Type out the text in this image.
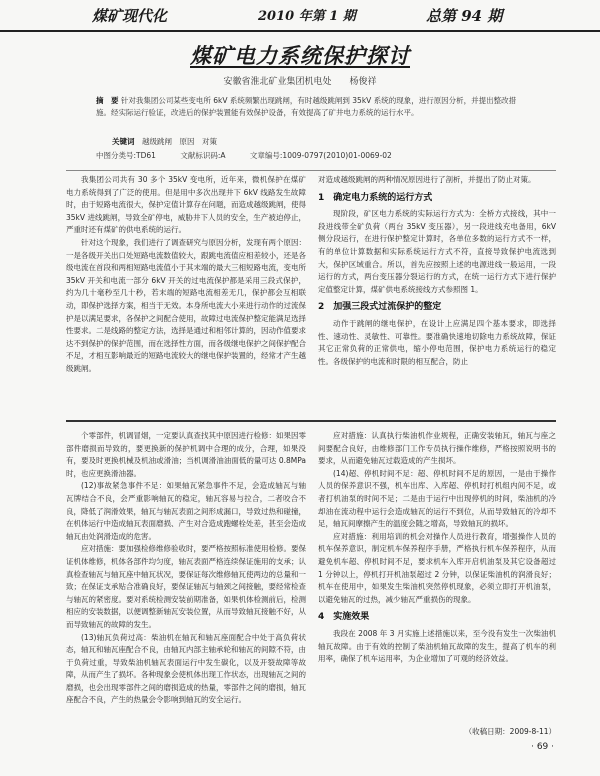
煤矿现代化	2010 年第 1 期	总第 94 期
煤矿电力系统保护探讨
安徽省淮北矿业集团机电处　　杨俊祥
摘　要 针对我集团公司某些变电所 6kV 系统频繁出现跳闸，有时越级跳闸到 35kV 系统的现象，进行原因分析，并提出整改措施。经实际运行验证，改进后的保护装置能有效保护设备，有效提高了矿井电力系统的运行水平。
关键词　 越级跳闸　原因　对策
中图分类号:TD61	文献标识码:A	文章编号:1009-0797(2010)01-0069-02

我集团公司共有 30 多个 35kV 变电所，近年来，微机保护在煤矿电力系统得到了广泛的使用。但是用中多次出现井下 6kV 线路发生故障时，由于短路电流很大，保护定值计算存在问题，而造成越级跳闸，使得 35kV 进线跳闸，导致全矿停电，威胁井下人员的安全，生产被迫停止，严重时还有煤矿的供电系统的运行。

针对这个现象，我们进行了调查研究与原因分析，发现有两个原因：一是各级开关出口处短路电流数值较大，跟跳电流值应相差较小，还是各级电流在首段和两相短路电流值小于其末端的最大三相短路电流，变电所 35kV 开关和电流一部分 6kV 开关的过电流保护都是采用三段式保护，约为几十毫秒至几十秒，若末端的短路电流相差无几，保护都会互相联动，即保护选择方案，相当于无效。本身所电流大小来进行动作的过流保护是以满足要求，各保护之间配合使用，故障过电流保护整定能满足选择性要求。二是线路的整定方法，选择是通过和相邻计算的，因动作值要求达不到保护的保护范围，而在选择性方面，而各级继电保护之间保护配合不足，才相互影响最近的短路电流较大的继电保护装置的，经常才产生越级跳闸。

对造成越级跳闸的两种情况原因进行了剖析，并提出了防止对策。

1　确定电力系统的运行方式

现阶段，矿区电力系统的实际运行方式为：全桥方式接线，其中一段进线带全矿负荷（两台 35kV 变压器），另一段进线充电备用，6kV 侧分段运行，在进行保护整定计算时，各单位多数的运行方式不一样，有的单位计算数据和实际系统运行方式不符，直接导致保护电流选到大，保护区域重合。所以，首先应按照上述的电源进线一般运用，一段运行的方式，两台变压器分裂运行的方式，在统一运行方式下进行保护定值整定计算，煤矿供电系统接线方式参照图 1。

2　加强三段式过流保护的整定

动作于跳闸的继电保护，在设计上应满足四个基本要求，即选择性、速动性、灵敏性、可靠性。要准确快速地切除电力系统故障，保证其它正常负荷的正常供电，缩小停电范围，保护电力系统运行的稳定性。各级保护的电流和时限的相互配合，防止

个零部件，机调冒烟，一定要认真查找其中原因进行检修：如果因零部件磨损而导致的，要更换新的保护机调中合理的成分，合理，如果没有，要及时更换机械及机油或滑油；当机调滑油油面低的量可达 0.8MPa 时，也应更换滑油器。

(12)事故紧急事件不足：如果轴瓦紧急事件不足，会造成轴瓦与轴瓦牌结合不良，会严重影响轴瓦的稳定，轴瓦容易与拉合，二者咬合不良，降低了润滑效果，轴瓦与轴瓦表面之间形成漏口，导致过热和碰撞，在机体运行中造成轴瓦表面磨损、产生对合造成跑螺栓处差，甚至会造成轴瓦由处润滑造成的危害。

应对措施：要加强检修维修验收时，要严格按照标准使用检修。要保证机体维修，机体各部件均匀度，轴瓦表面严格连续保证施用的支承；认真检查轴瓦与轴瓦座中轴瓦状况，要保证每次维修轴瓦使两边的总量和一致；在保证支承贴合准确良好，要保证轴瓦与轴颈之间接触，要经常检查与轴瓦的紧密度。要对系统检测安装前期准备，如果机体检测前后，检测相应的安装数据，以便调整新轴瓦安装位置，从而导致轴瓦接触不好，从而导致轴瓦的故障的发生。

(13)轴瓦负荷过高：柴油机在轴瓦和轴瓦座面配合中处于高负荷状态，轴瓦和轴瓦座配合不良，由轴瓦内部主轴承轮和轴瓦的间隙不符，由于负荷过重，导致柴油机轴瓦表面运行中发生碳化，以及开裂故障等故障，从而产生了损坏。各种现象会使机体出现工作状态，出现轴瓦之间的磨损，也会出现零部件之间的磨损造成的热量，零部件之间的磨损，轴瓦座配合不良，产生的热量会令影响到轴瓦的安全运行。

应对措施：认真执行柴油机作业规程，正确安装轴瓦，轴瓦与座之间要配合良好，由维修部门工作专员执行操作维修，严格按照说明书的要求，从而避免轴瓦过载造成的产生损坏。

(14)超、停机时间不足：超、停机时间不足的原因，一是由于操作人员的保养意识不强，机车出库、入库超、停机时打机组内间不足，或者打机油泵的时间不足；二是由于运行中出现停机的时间，柴油机的冷却油在流动程中运行会造成轴瓦的运行不到位，从而导致轴瓦的冷却不足，轴瓦间摩擦产生的温度会随之增高，导致轴瓦的损坏。

应对措施：利用培训的机会对操作人员进行教育，增强操作人员的机车保养意识，制定机车保养程序手册，严格执行机车保养程序，从而避免机车超、停机时间不足，要求机车入库开启机油泵及其它设备超过 1 分钟以上，停机打开机油泵超过 2 分钟，以保证柴油机的润滑良好；机车在使用中，如果发生柴油机突然停机现象，必须立即打开机油泵，以避免轴瓦的过热，减少轴瓦严重损伤的现象。

4　实施效果

我段在 2008 年 3 月实施上述措施以来，至今没有发生一次柴油机轴瓦故障。由于有效的控制了柴油机轴瓦故障的发生，提高了机车的利用率，确保了机车运用率，为企业增加了可观的经济效益。

（收稿日期：2009-8-11）
· 69 ·
